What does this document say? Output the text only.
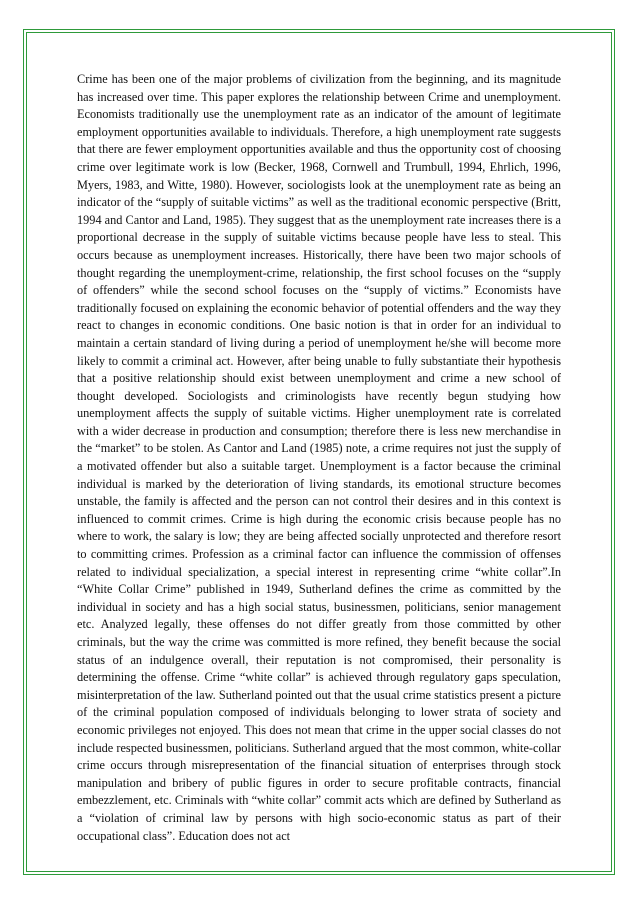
Crime has been one of the major problems of civilization from the beginning, and its magnitude has increased over time. This paper explores the relationship between Crime and unemployment. Economists traditionally use the unemployment rate as an indicator of the amount of legitimate employment opportunities available to individuals. Therefore, a high unemployment rate suggests that there are fewer employment opportunities available and thus the opportunity cost of choosing crime over legitimate work is low (Becker, 1968, Cornwell and Trumbull, 1994, Ehrlich, 1996, Myers, 1983, and Witte, 1980). However, sociologists look at the unemployment rate as being an indicator of the “supply of suitable victims” as well as the traditional economic perspective (Britt, 1994 and Cantor and Land, 1985). They suggest that as the unemployment rate increases there is a proportional decrease in the supply of suitable victims because people have less to steal. This occurs because as unemployment increases. Historically, there have been two major schools of thought regarding the unemployment-crime, relationship, the first school focuses on the “supply of offenders” while the second school focuses on the “supply of victims.” Economists have traditionally focused on explaining the economic behavior of potential offenders and the way they react to changes in economic conditions. One basic notion is that in order for an individual to maintain a certain standard of living during a period of unemployment he/she will become more likely to commit a criminal act. However, after being unable to fully substantiate their hypothesis that a positive relationship should exist between unemployment and crime a new school of thought developed. Sociologists and criminologists have recently begun studying how unemployment affects the supply of suitable victims. Higher unemployment rate is correlated with a wider decrease in production and consumption; therefore there is less new merchandise in the “market” to be stolen. As Cantor and Land (1985) note, a crime requires not just the supply of a motivated offender but also a suitable target. Unemployment is a factor because the criminal individual is marked by the deterioration of living standards, its emotional structure becomes unstable, the family is affected and the person can not control their desires and in this context is influenced to commit crimes. Crime is high during the economic crisis because people has no where to work, the salary is low; they are being affected socially unprotected and therefore resort to committing crimes. Profession as a criminal factor can influence the commission of offenses related to individual specialization, a special interest in representing crime “white collar”.In “White Collar Crime” published in 1949, Sutherland defines the crime as committed by the individual in society and has a high social status, businessmen, politicians, senior management etc. Analyzed legally, these offenses do not differ greatly from those committed by other criminals, but the way the crime was committed is more refined, they benefit because the social status of an indulgence overall, their reputation is not compromised, their personality is determining the offense. Crime “white collar” is achieved through regulatory gaps speculation, misinterpretation of the law. Sutherland pointed out that the usual crime statistics present a picture of the criminal population composed of individuals belonging to lower strata of society and economic privileges not enjoyed. This does not mean that crime in the upper social classes do not include respected businessmen, politicians. Sutherland argued that the most common, white-collar crime occurs through misrepresentation of the financial situation of enterprises through stock manipulation and bribery of public figures in order to secure profitable contracts, financial embezzlement, etc. Criminals with “white collar” commit acts which are defined by Sutherland as a “violation of criminal law by persons with high socio-economic status as part of their occupational class”. Education does not act
